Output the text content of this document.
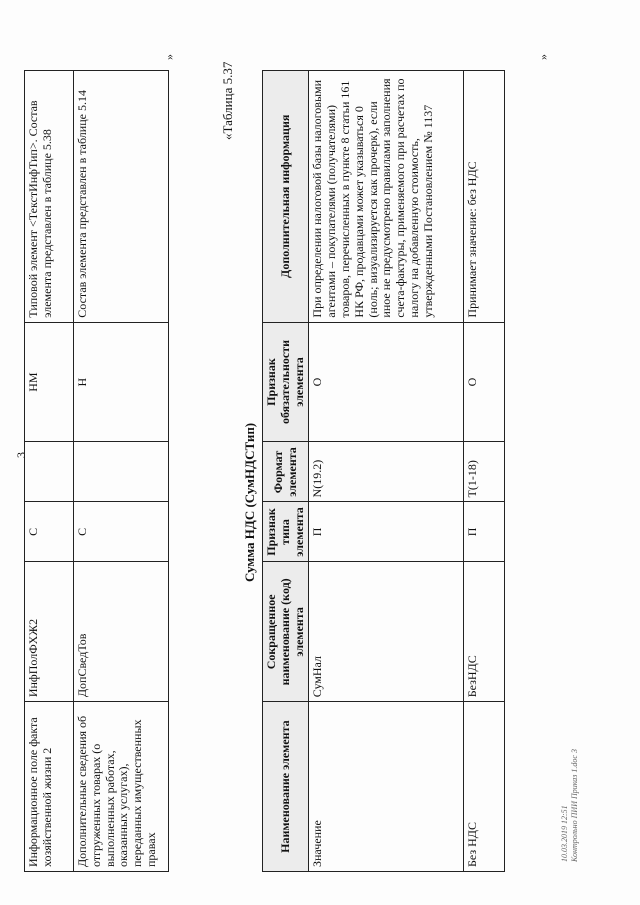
3
Информационное поле факта хозяйственной жизни 2	ИнфПолФХЖ2	С		НМ	Типовой элемент <ТекстИнфТип>. Состав элемента представлен в таблице 5.38
Дополнительные сведения об отгруженных товарах (о выполненных работах, оказанных услугах), переданных имущественных правах	ДопСведТов	С		Н	Состав элемента представлен в таблице 5.14
»
«Таблица 5.37
Сумма НДС (СумНДСТип)
Наименование элемента	Сокращенное наименование (код) элемента	Признак типа элемента	Формат элемента	Признак обязательности элемента	Дополнительная информация
Значение	СумНал	П	N(19.2)	О	При определении налоговой базы налоговыми агентами – покупателями (получателями) товаров, перечисленных в пункте 8 статьи 161 НК РФ, продавцами может указываться 0 (ноль; визуализируется как прочерк), если иное не предусмотрено правилами заполнения счета-фактуры, применяемого при расчетах по налогу на добавленную стоимость, утвержденными Постановлением № 1137
Без НДС	БезНДС	П	T(1-18)	О	Принимает значение: без НДС
»
10.03.2019 12:51 Контрольно ПИИ Приказ 1.doc 3
